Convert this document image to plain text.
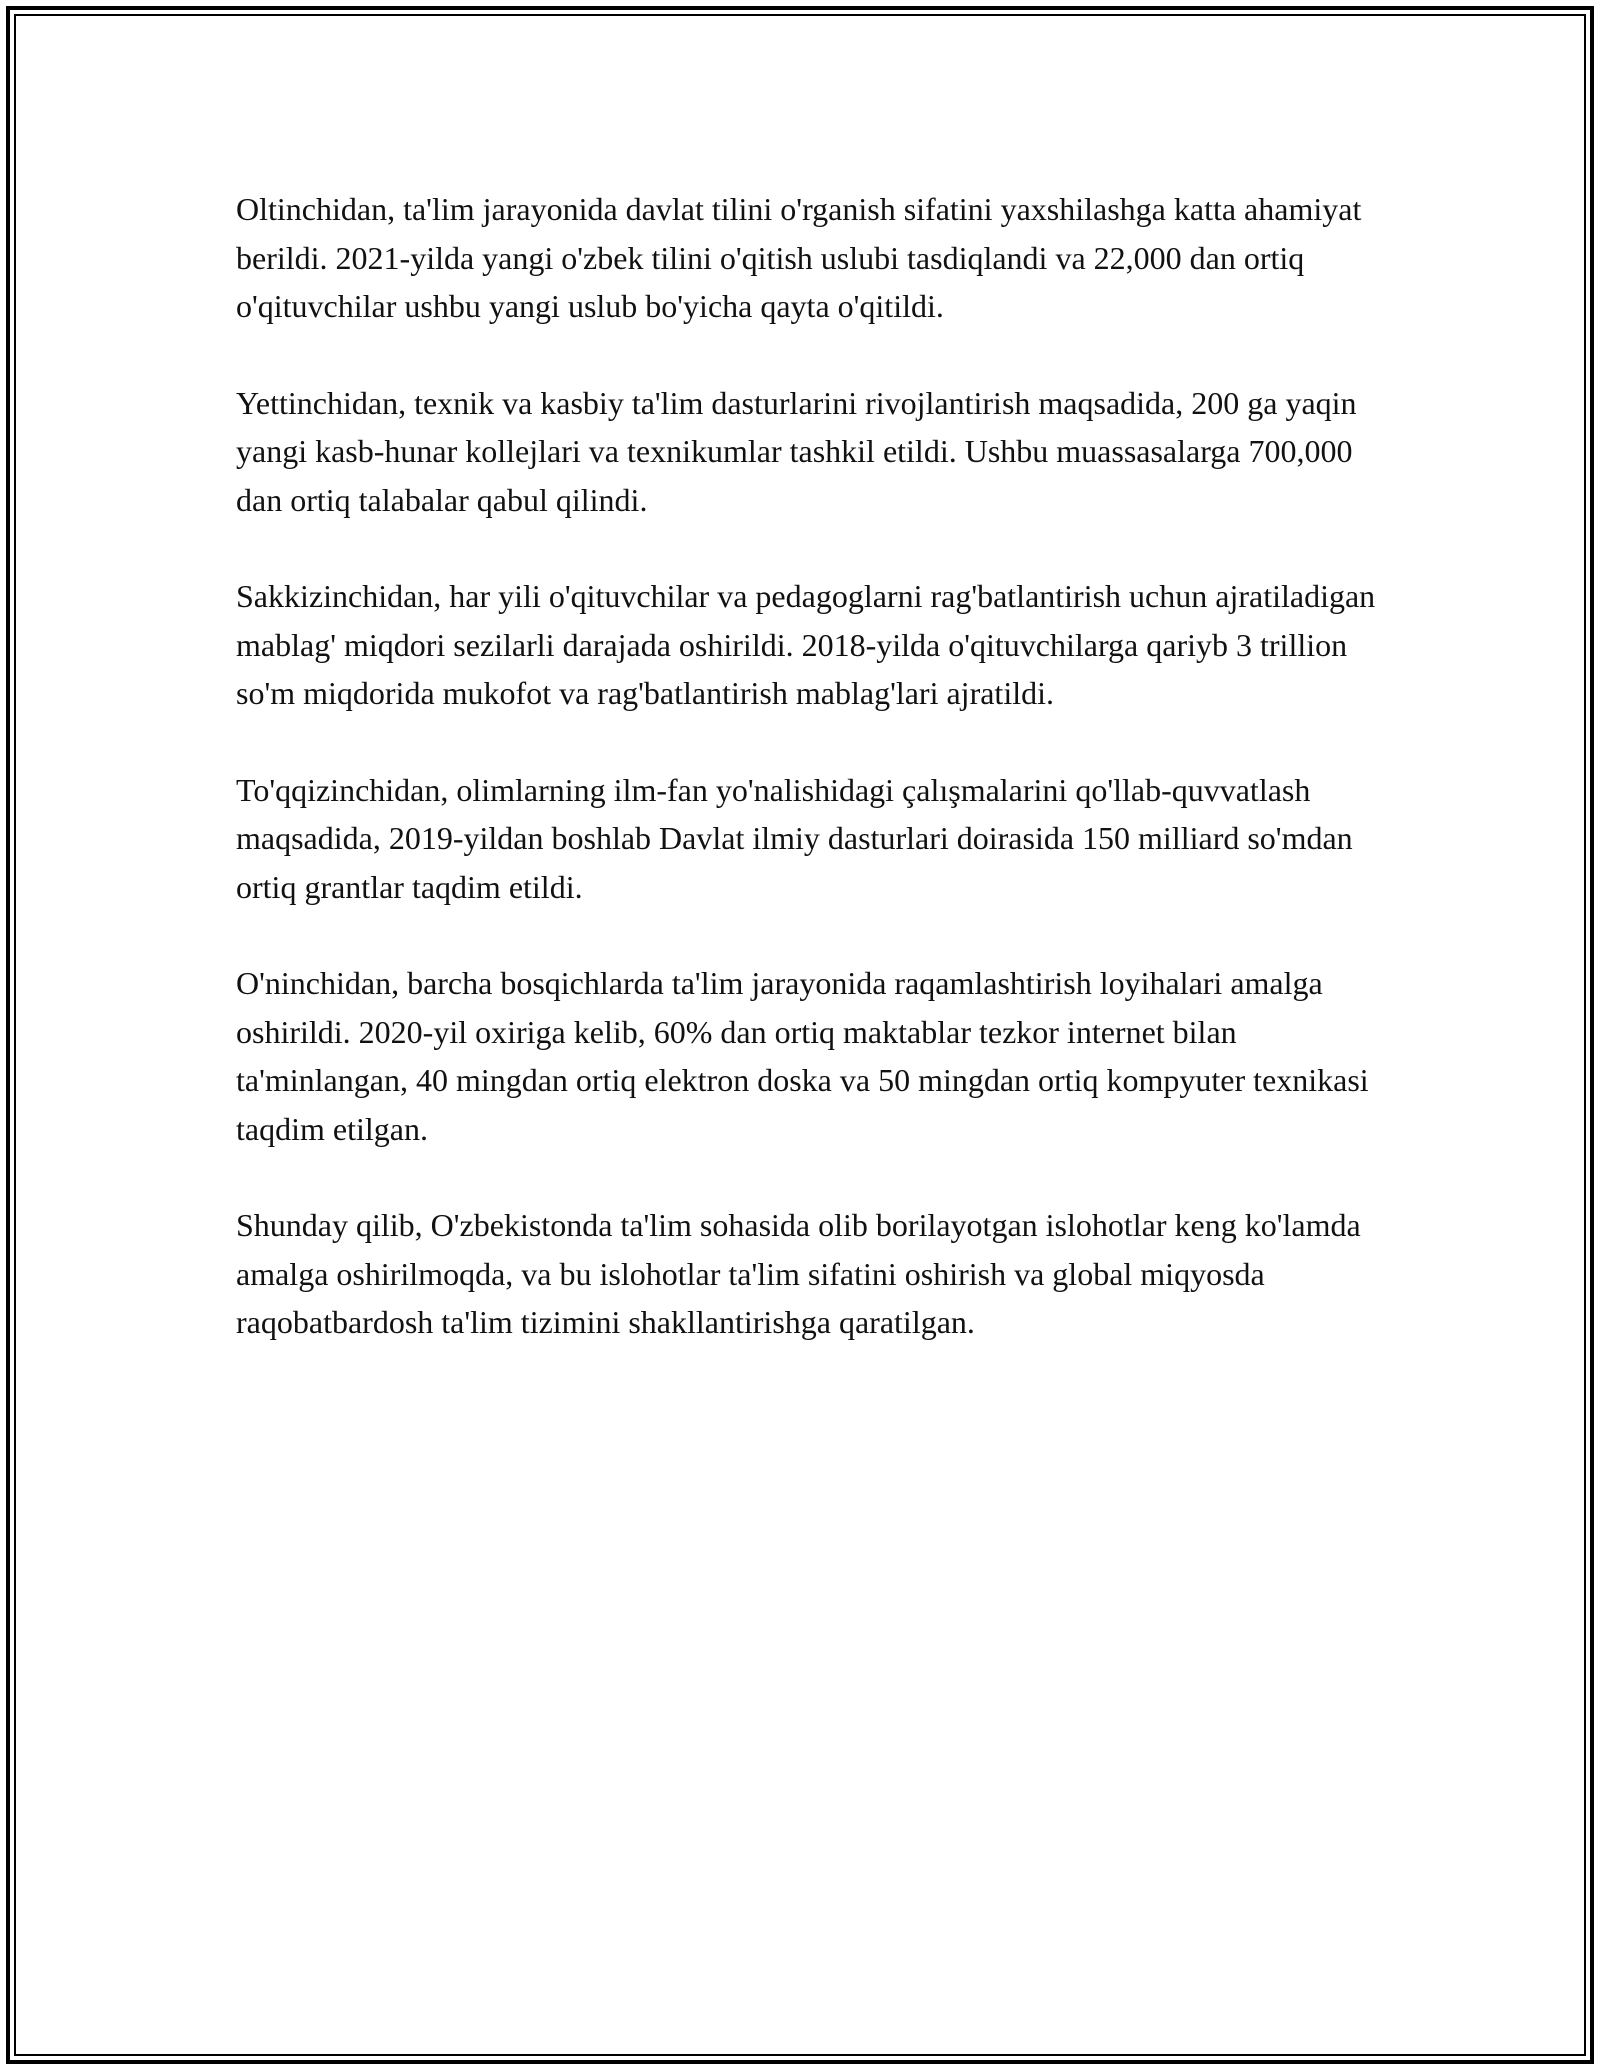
Oltinchidan, ta'lim jarayonida davlat tilini o'rganish sifatini yaxshilashga katta ahamiyat berildi. 2021-yilda yangi o'zbek tilini o'qitish uslubi tasdiqlandi va 22,000 dan ortiq o'qituvchilar ushbu yangi uslub bo'yicha qayta o'qitildi.

Yettinchidan, texnik va kasbiy ta'lim dasturlarini rivojlantirish maqsadida, 200 ga yaqin yangi kasb-hunar kollejlari va texnikumlar tashkil etildi. Ushbu muassasalarga 700,000 dan ortiq talabalar qabul qilindi.

Sakkizinchidan, har yili o'qituvchilar va pedagoglarni rag'batlantirish uchun ajratiladigan mablag' miqdori sezilarli darajada oshirildi. 2018-yilda o'qituvchilarga qariyb 3 trillion so'm miqdorida mukofot va rag'batlantirish mablag'lari ajratildi.

To'qqizinchidan, olimlarning ilm-fan yo'nalishidagi çalışmalarini qo'llab-quvvatlash maqsadida, 2019-yildan boshlab Davlat ilmiy dasturlari doirasida 150 milliard so'mdan ortiq grantlar taqdim etildi.

O'ninchidan, barcha bosqichlarda ta'lim jarayonida raqamlashtirish loyihalari amalga oshirildi. 2020-yil oxiriga kelib, 60% dan ortiq maktablar tezkor internet bilan ta'minlangan, 40 mingdan ortiq elektron doska va 50 mingdan ortiq kompyuter texnikasi taqdim etilgan.

Shunday qilib, O'zbekistonda ta'lim sohasida olib borilayotgan islohotlar keng ko'lamda amalga oshirilmoqda, va bu islohotlar ta'lim sifatini oshirish va global miqyosda raqobatbardosh ta'lim tizimini shakllantirishga qaratilgan.
